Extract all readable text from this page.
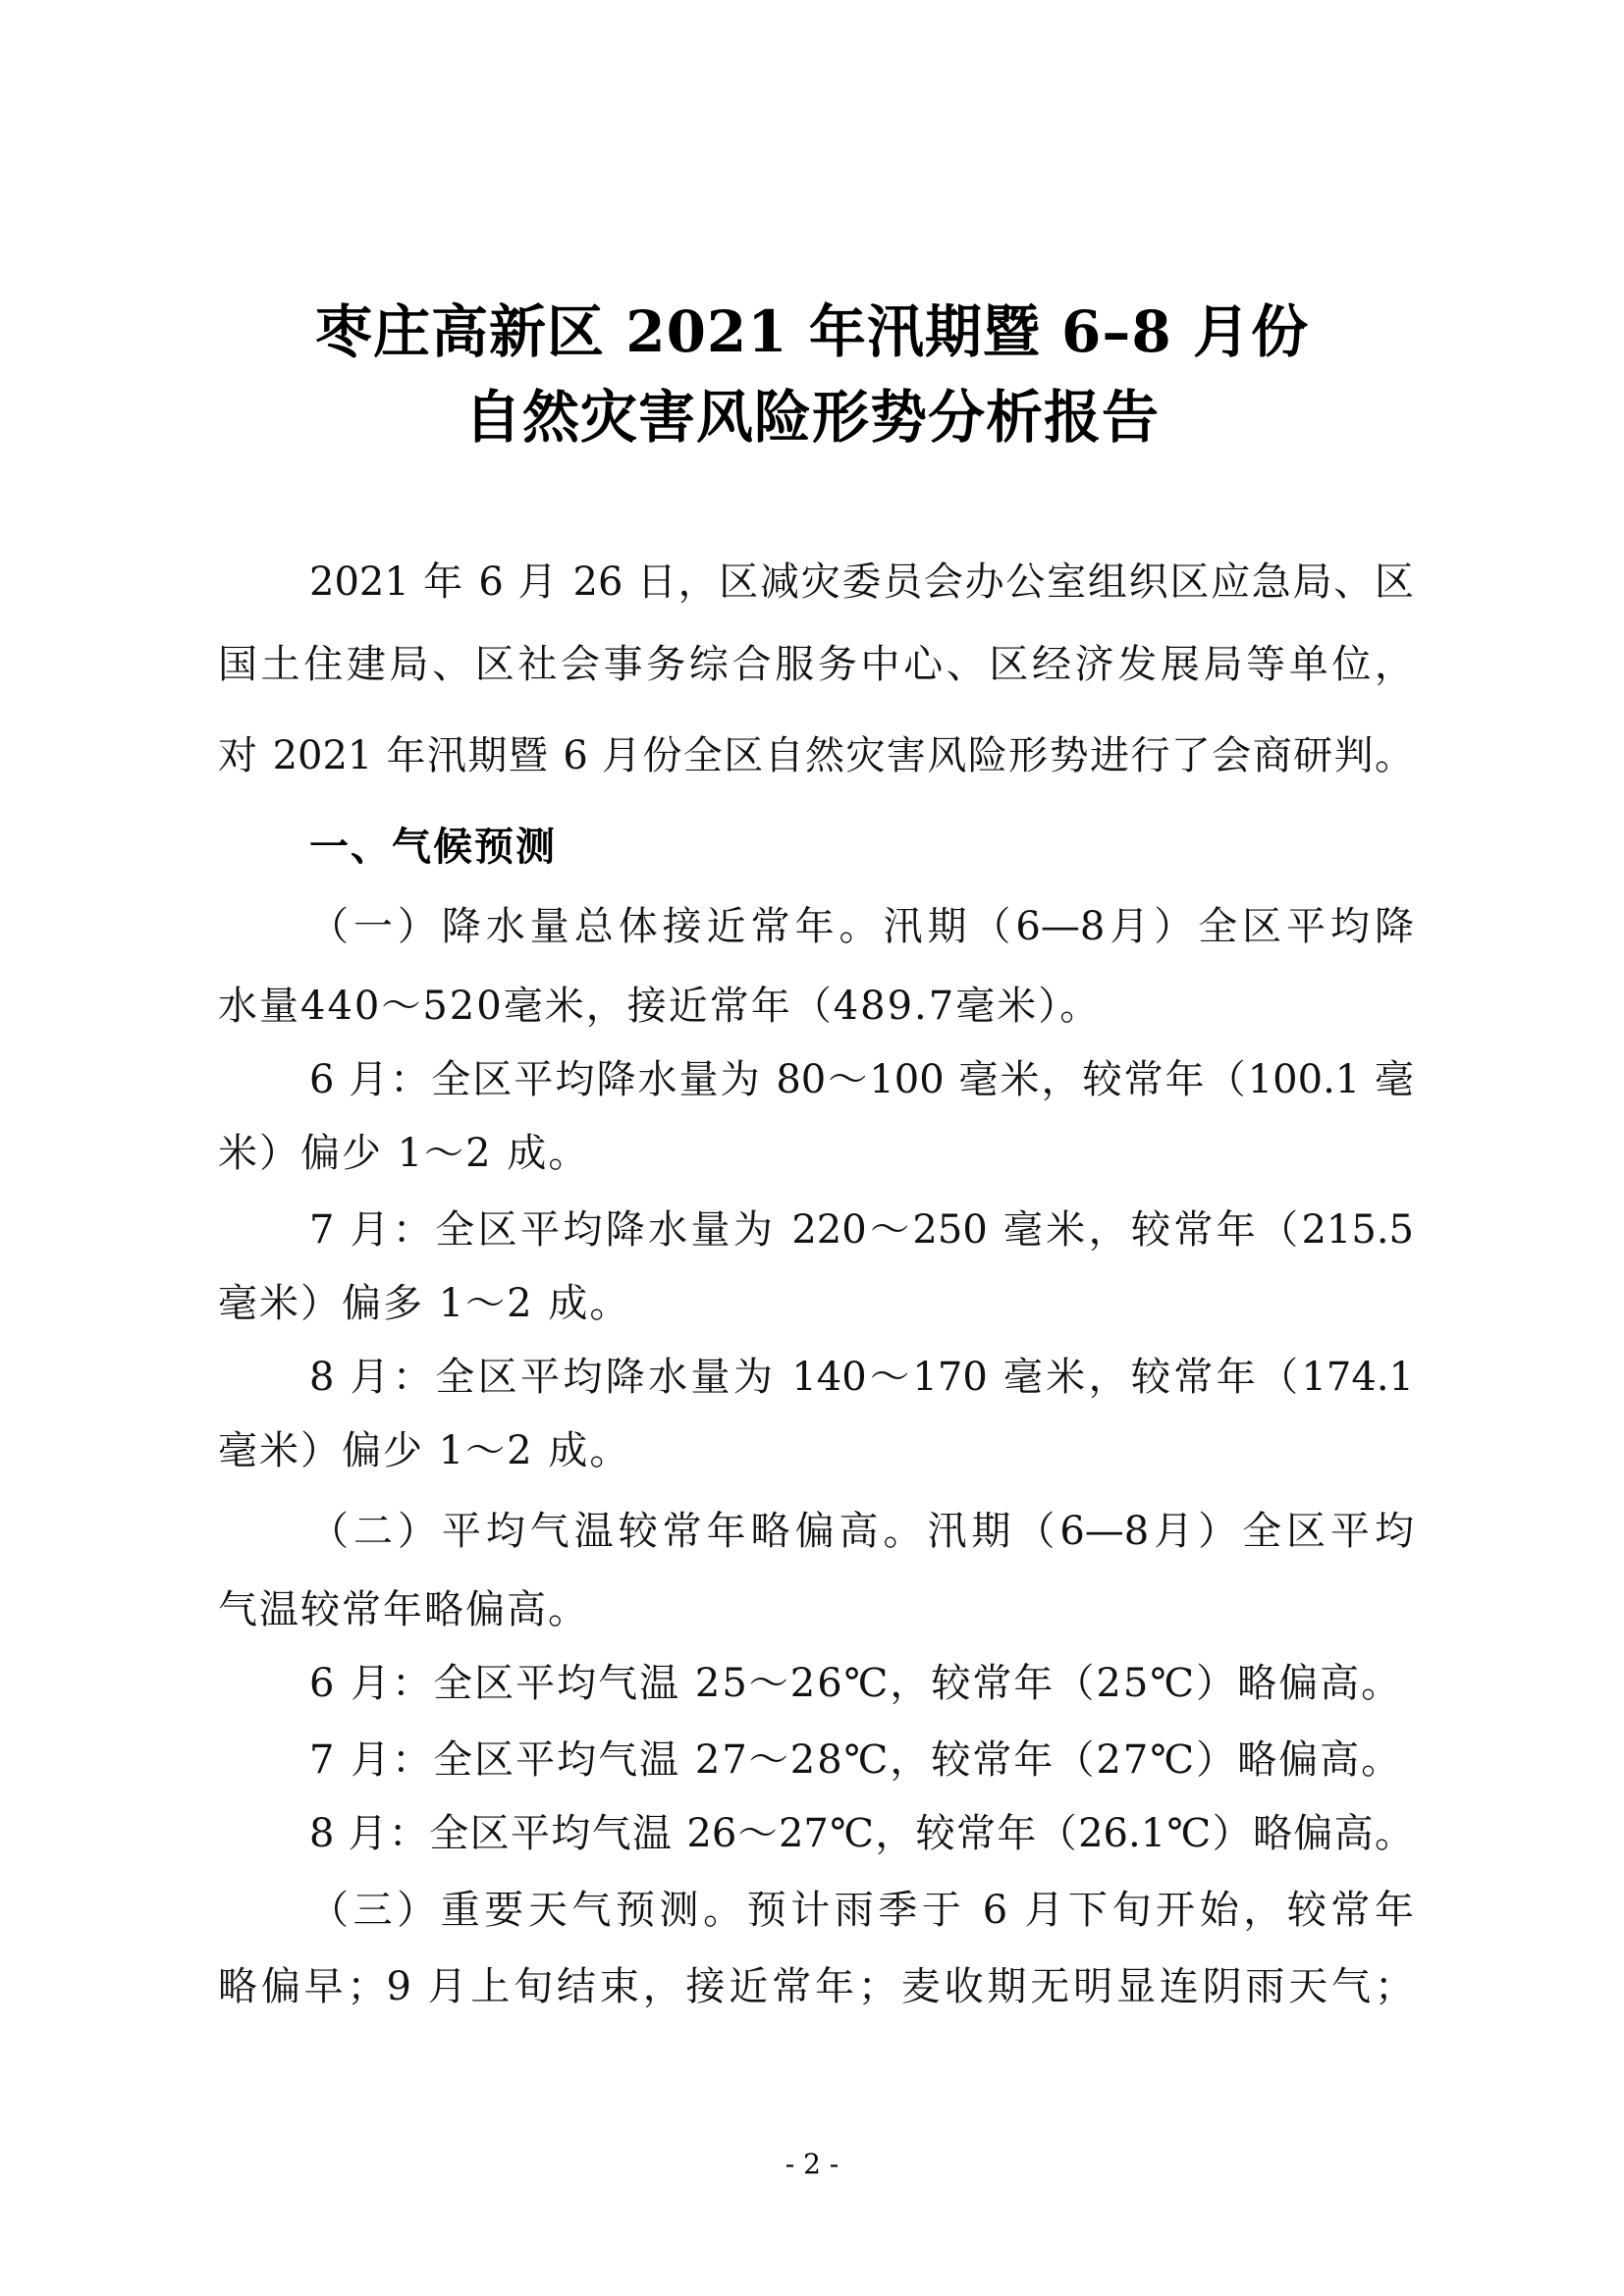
枣庄高新区 2021 年汛期暨 6–8 月份
自然灾害风险形势分析报告
2021 年 6 月 26 日，区减灾委员会办公室组织区应急局、区
国土住建局、区社会事务综合服务中心、区经济发展局等单位，
对 2021 年汛期暨 6 月份全区自然灾害风险形势进行了会商研判。
一、气候预测
（一）降水量总体接近常年。汛期（6—8月）全区平均降
水量440～520毫米，接近常年（489.7毫米）。
6 月：全区平均降水量为 80～100 毫米，较常年（100.1 毫
米）偏少 1～2 成。
7 月：全区平均降水量为 220～250 毫米，较常年（215.5
毫米）偏多 1～2 成。
8 月：全区平均降水量为 140～170 毫米，较常年（174.1
毫米）偏少 1～2 成。
（二）平均气温较常年略偏高。汛期（6—8月）全区平均
气温较常年略偏高。
6 月：全区平均气温 25～26℃，较常年（25℃）略偏高。
7 月：全区平均气温 27～28℃，较常年（27℃）略偏高。
8 月：全区平均气温 26～27℃，较常年（26.1℃）略偏高。
（三）重要天气预测。预计雨季于 6 月下旬开始，较常年
略偏早；9 月上旬结束，接近常年；麦收期无明显连阴雨天气；
- 2 -
